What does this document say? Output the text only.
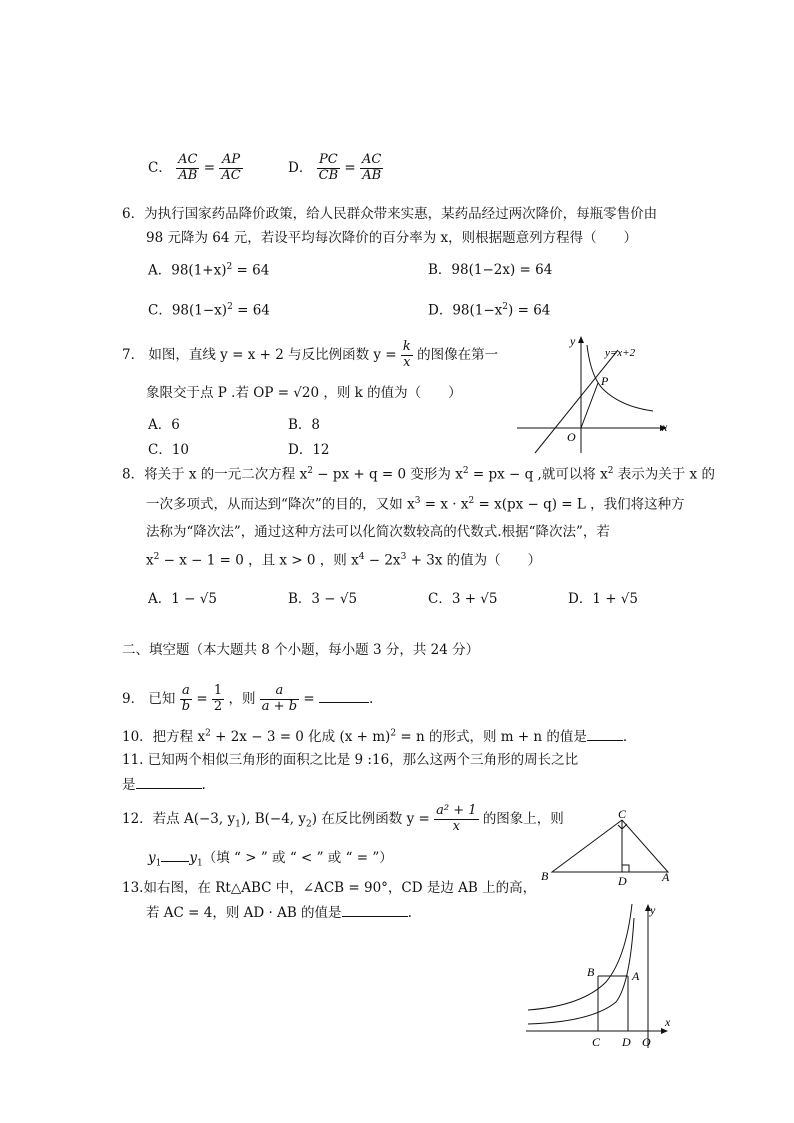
C． $\frac{AC}{AB} = \frac{AP}{AC}$	D． $\frac{PC}{CB} = \frac{AC}{AB}$
6．为执行国家药品降价政策，给人民群众带来实惠，某药品经过两次降价，每瓶零售价由
98 元降为 64 元，若设平均每次降价的百分率为 x，则根据题意列方程得（　　）
A．$98(1+x)^2 = 64$	B．98(1−2x) = 64
C．$98(1-x)^2 = 64$	D．$98(1-x^2) = 64$
7． 如图，直线 y = x + 2 与反比例函数 $y = \frac{k}{x}$ 的图像在第一
象限交于点 P .若 OP = √20 ，则 k 的值为（　　）
A．6	B．8
C．10	D．12
y
y=x+2
P
O
x
8．将关于 x 的一元二次方程 $x^2$ − px + q = 0 变形为 $x^2$ = px − q ,就可以将 $x^2$ 表示为关于 x 的
一次多项式，从而达到“降次”的目的，又如 $x^3 = x \cdot x^2 = x(px - q) = L$ ，我们将这种方
法称为“降次法”，通过这种方法可以化简次数较高的代数式.根据“降次法”，若
$x^2 - x - 1 = 0$ ，且 x > 0 ，则 $x^4 - 2x^3 + 3x$ 的值为（　　）
A．1 − √5	B．3 − √5	C．3 + √5	D．1 + √5
二、填空题（本大题共 8 个小题，每小题 3 分，共 24 分）
9． 已知 $\frac{a}{b} = \frac{1}{2}$ ，则 $\frac{a}{a + b}$ =	.
10．把方程 $x^2 + 2x - 3 = 0$ 化成 $(x + m)^2 = n$ 的形式，则 m + n 的值是	．
11. 已知两个相似三角形的面积之比是 9 :16，那么这两个三角形的周长之比
是	.
12．若点 A(−3, $y_1$), B(−4, $y_2$) 在反比例函数 $y = \frac{\text{a² + 1}}{x}$ 的图象上，则
$y_1$ $y_1$（填 “ > ” 或 “ < ” 或 “ = ”）
C
B	D	A
13.如右图，在 Rt△ABC 中，∠ACB = 90°，CD 是边 AB 上的高，
若 AC = 4，则 AD · AB 的值是	.	y
B	A
x
C D O
